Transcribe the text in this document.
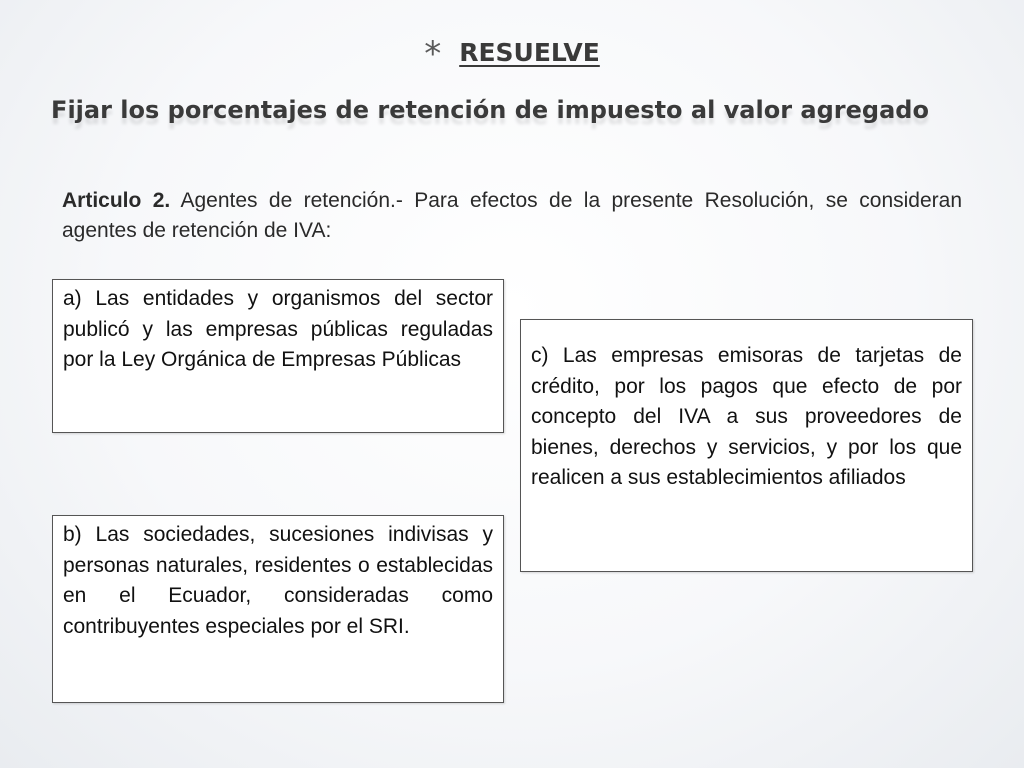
* RESUELVE
Fijar los porcentajes de retención de impuesto al valor agregado
Articulo 2. Agentes de retención.- Para efectos de la presente Resolución, se consideran agentes de retención de IVA:
a) Las entidades y organismos del sector publicó y las empresas públicas reguladas por la Ley Orgánica de Empresas Públicas
b) Las sociedades, sucesiones indivisas y personas naturales, residentes o establecidas en el Ecuador, consideradas como contribuyentes especiales por el SRI.
c) Las empresas emisoras de tarjetas de crédito, por los pagos que efecto de por concepto del IVA a sus proveedores de bienes, derechos y servicios, y por los que realicen a sus establecimientos afiliados
